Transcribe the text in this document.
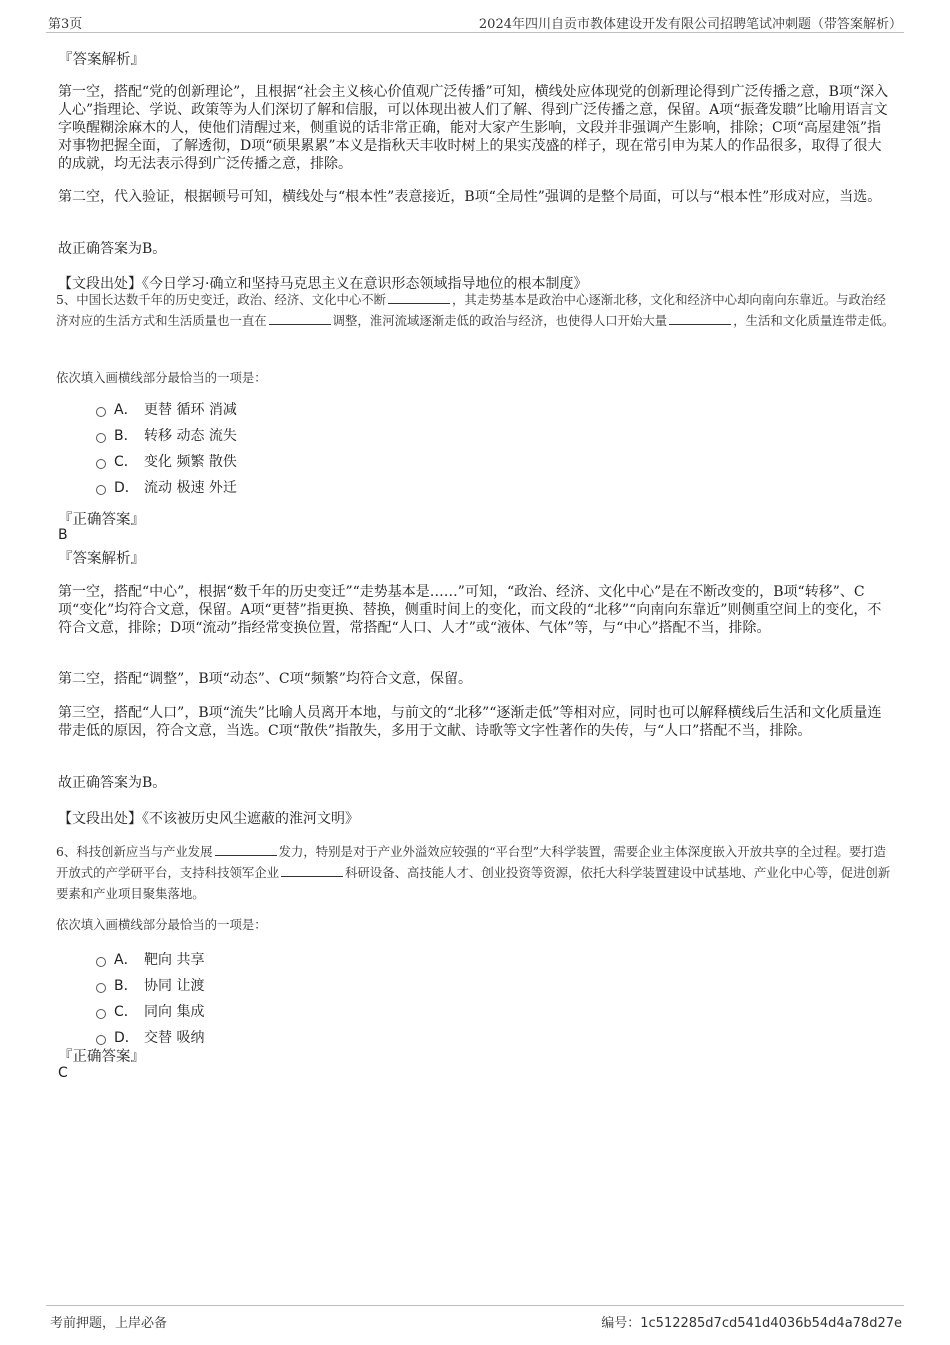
第3页	2024年四川自贡市教体建设开发有限公司招聘笔试冲刺题（带答案解析）
『答案解析』
第一空，搭配“党的创新理论”，且根据“社会主义核心价值观广泛传播”可知，横线处应体现党的创新理论得到广泛传播之意，B项“深入人心”指理论、学说、政策等为人们深切了解和信服，可以体现出被人们了解、得到广泛传播之意，保留。A项“振聋发聩”比喻用语言文字唤醒糊涂麻木的人，使他们清醒过来，侧重说的话非常正确，能对大家产生影响，文段并非强调产生影响，排除；C项“高屋建瓴”指对事物把握全面，了解透彻，D项“硕果累累”本义是指秋天丰收时树上的果实茂盛的样子，现在常引申为某人的作品很多，取得了很大的成就，均无法表示得到广泛传播之意，排除。
第二空，代入验证，根据顿号可知，横线处与“根本性”表意接近，B项“全局性”强调的是整个局面，可以与“根本性”形成对应，当选。
故正确答案为B。
【文段出处】《今日学习·确立和坚持马克思主义在意识形态领域指导地位的根本制度》
5、中国长达数千年的历史变迁，政治、经济、文化中心不断	，其走势基本是政治中心逐渐北移，文化和经济中心却向南向东靠近。与政治经济对应的生活方式和生活质量也一直在	调整，淮河流域逐渐走低的政治与经济，也使得人口开始大量	，生活和文化质量连带走低。
依次填入画横线部分最恰当的一项是：
A． 更替 循环 消减
B． 转移 动态 流失
C． 变化 频繁 散佚
D． 流动 极速 外迁
『正确答案』
B
『答案解析』
第一空，搭配“中心”，根据“数千年的历史变迁”“走势基本是……”可知，“政治、经济、文化中心”是在不断改变的，B项“转移”、C项“变化”均符合文意，保留。A项“更替”指更换、替换，侧重时间上的变化，而文段的“北移”“向南向东靠近”则侧重空间上的变化，不符合文意，排除；D项“流动”指经常变换位置，常搭配“人口、人才”或“液体、气体”等，与“中心”搭配不当，排除。
第二空，搭配“调整”，B项“动态”、C项“频繁”均符合文意，保留。
第三空，搭配“人口”，B项“流失”比喻人员离开本地，与前文的“北移”“逐渐走低”等相对应，同时也可以解释横线后生活和文化质量连带走低的原因，符合文意，当选。C项“散佚”指散失，多用于文献、诗歌等文字性著作的失传，与“人口”搭配不当，排除。
故正确答案为B。
【文段出处】《不该被历史风尘遮蔽的淮河文明》
6、科技创新应当与产业发展	发力，特别是对于产业外溢效应较强的“平台型”大科学装置，需要企业主体深度嵌入开放共享的全过程。要打造开放式的产学研平台，支持科技领军企业	科研设备、高技能人才、创业投资等资源，依托大科学装置建设中试基地、产业化中心等，促进创新要素和产业项目聚集落地。
依次填入画横线部分最恰当的一项是：
A． 靶向 共享
B． 协同 让渡
C． 同向 集成
D． 交替 吸纳
『正确答案』
C
考前押题，上岸必备	编号：1c512285d7cd541d4036b54d4a78d27e
